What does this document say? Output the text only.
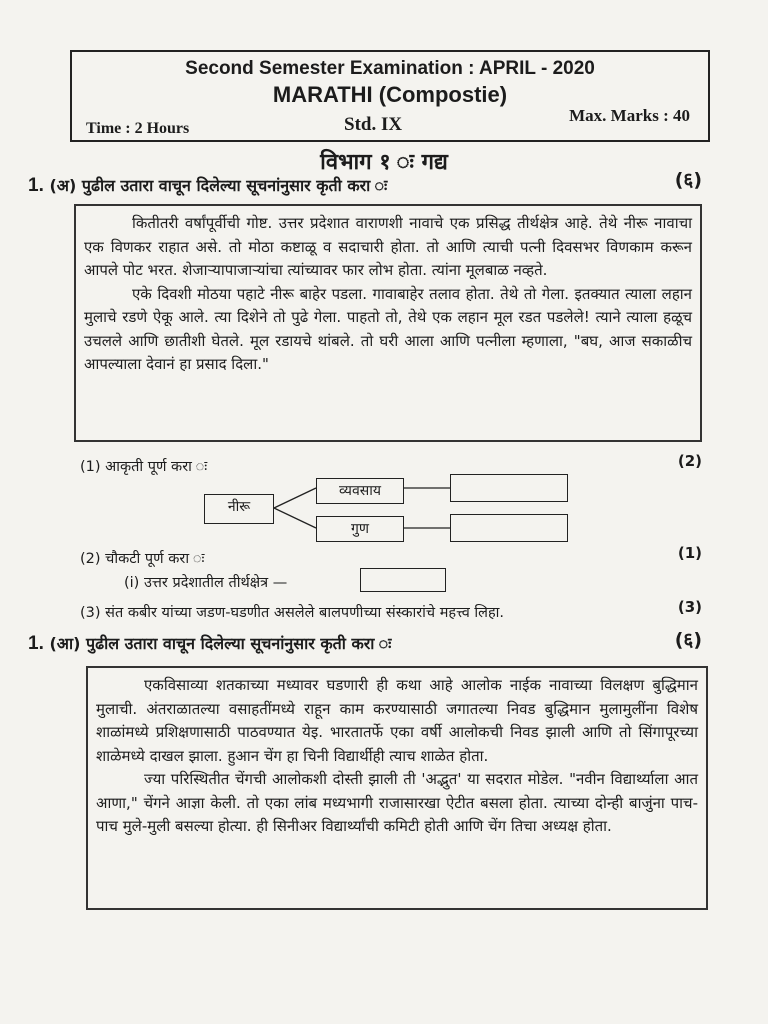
Second Semester Examination : APRIL - 2020
MARATHI (Compostie)
Time : 2 Hours	Std. IX	Max. Marks : 40
विभाग १ ः गद्य
1. (अ) पुढील उतारा वाचून दिलेल्या सूचनांनुसार कृती करा ः	(६)

कितीतरी वर्षांपूर्वीची गोष्ट. उत्तर प्रदेशात वाराणशी नावाचे एक प्रसिद्ध तीर्थक्षेत्र आहे. तेथे नीरू नावाचा एक विणकर राहात असे. तो मोठा कष्टाळू व सदाचारी होता. तो आणि त्याची पत्नी दिवसभर विणकाम करून आपले पोट भरत. शेजाऱ्यापाजाऱ्यांचा त्यांच्यावर फार लोभ होता. त्यांना मूलबाळ नव्हते.

एके दिवशी मोठया पहाटे नीरू बाहेर पडला. गावाबाहेर तलाव होता. तेथे तो गेला. इतक्यात त्याला लहान मुलाचे रडणे ऐकू आले. त्या दिशेने तो पुढे गेला. पाहतो तो, तेथे एक लहान मूल रडत पडलेले! त्याने त्याला हळूच उचलले आणि छातीशी घेतले. मूल रडायचे थांबले. तो घरी आला आणि पत्नीला म्हणाला, "बघ, आज सकाळीच आपल्याला देवानं हा प्रसाद दिला."

(1) आकृती पूर्ण करा ः	(2)
नीरू
व्यवसाय
गुण
(2) चौकटी पूर्ण करा ः	(1)
(i) उत्तर प्रदेशातील तीर्थक्षेत्र —
(3) संत कबीर यांच्या जडण-घडणीत असलेले बालपणीच्या संस्कारांचे महत्त्व लिहा.	(3)
1. (आ) पुढील उतारा वाचून दिलेल्या सूचनांनुसार कृती करा ः	(६)

एकविसाव्या शतकाच्या मध्यावर घडणारी ही कथा आहे आलोक नाईक नावाच्या विलक्षण बुद्धिमान मुलाची. अंतराळातल्या वसाहतींमध्ये राहून काम करण्यासाठी जगातल्या निवड बुद्धिमान मुलामुलींना विशेष शाळांमध्ये प्रशिक्षणासाठी पाठवण्यात येइ. भारतातर्फे एका वर्षी आलोकची निवड झाली आणि तो सिंगापूरच्या शाळेमध्ये दाखल झाला. हुआन चेंग हा चिनी विद्यार्थीही त्याच शाळेत होता.

ज्या परिस्थितीत चेंगची आलोकशी दोस्ती झाली ती 'अद्भुत' या सदरात मोडेल. "नवीन विद्यार्थ्याला आत आणा," चेंगने आज्ञा केली. तो एका लांब मध्यभागी राजासारखा ऐटीत बसला होता. त्याच्या दोन्ही बाजुंना पाच-पाच मुले-मुली बसल्या होत्या. ही सिनीअर विद्यार्थ्यांची कमिटी होती आणि चेंग तिचा अध्यक्ष होता.
